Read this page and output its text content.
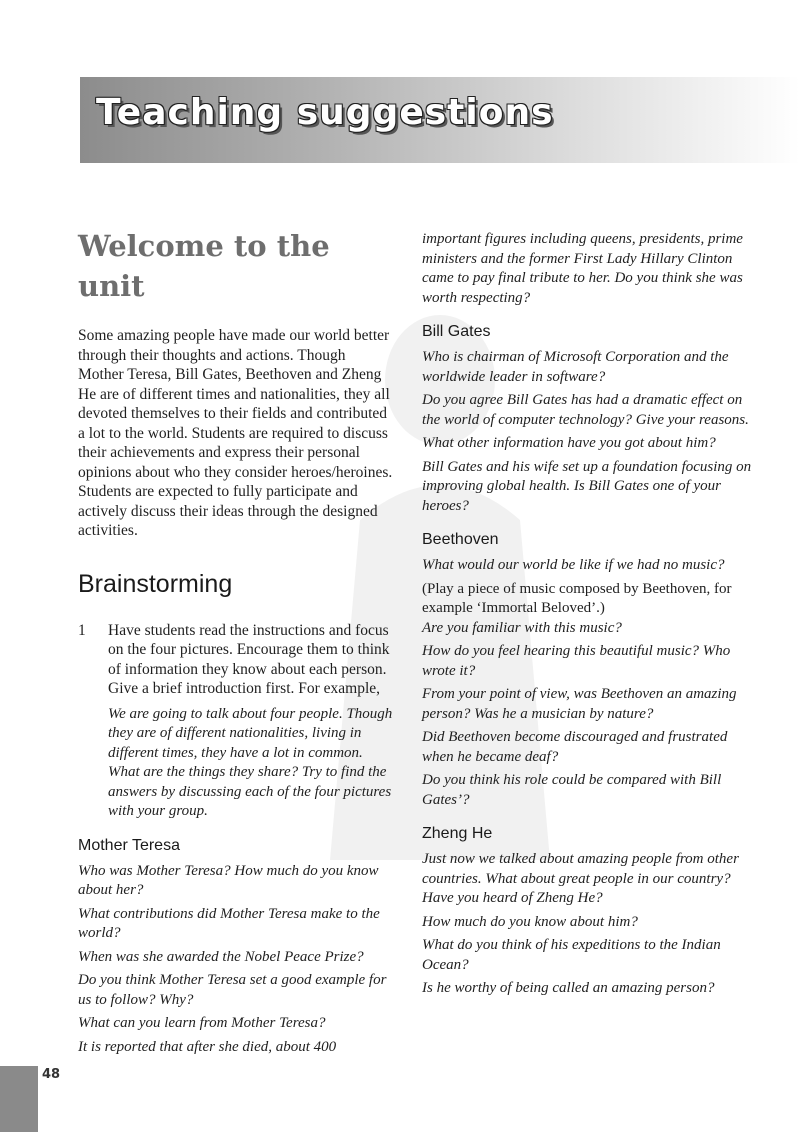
Teaching suggestions
Welcome to the unit

Some amazing people have made our world better through their thoughts and actions. Though Mother Teresa, Bill Gates, Beethoven and Zheng He are of different times and nationalities, they all devoted themselves to their fields and contributed a lot to the world. Students are required to discuss their achievements and express their personal opinions about who they consider heroes/heroines. Students are expected to fully participate and actively discuss their ideas through the designed activities.

Brainstorming
1	Have students read the instructions and focus on the four pictures. Encourage them to think of information they know about each person. Give a brief introduction first. For example,

We are going to talk about four people. Though they are of different nationalities, living in different times, they have a lot in common. What are the things they share? Try to find the answers by discussing each of the four pictures with your group.

Mother Teresa

Who was Mother Teresa? How much do you know about her?

What contributions did Mother Teresa make to the world?

When was she awarded the Nobel Peace Prize?

Do you think Mother Teresa set a good example for us to follow? Why?

What can you learn from Mother Teresa?

It is reported that after she died, about 400

important figures including queens, presidents, prime ministers and the former First Lady Hillary Clinton came to pay final tribute to her. Do you think she was worth respecting?

Bill Gates

Who is chairman of Microsoft Corporation and the worldwide leader in software?

Do you agree Bill Gates has had a dramatic effect on the world of computer technology? Give your reasons.

What other information have you got about him?

Bill Gates and his wife set up a foundation focusing on improving global health. Is Bill Gates one of your heroes?

Beethoven

What would our world be like if we had no music?

(Play a piece of music composed by Beethoven, for example ‘Immortal Beloved’.)

Are you familiar with this music?

How do you feel hearing this beautiful music? Who wrote it?

From your point of view, was Beethoven an amazing person? Was he a musician by nature?

Did Beethoven become discouraged and frustrated when he became deaf?

Do you think his role could be compared with Bill Gates’?

Zheng He

Just now we talked about amazing people from other countries. What about great people in our country? Have you heard of Zheng He?

How much do you know about him?

What do you think of his expeditions to the Indian Ocean?

Is he worthy of being called an amazing person?

48
